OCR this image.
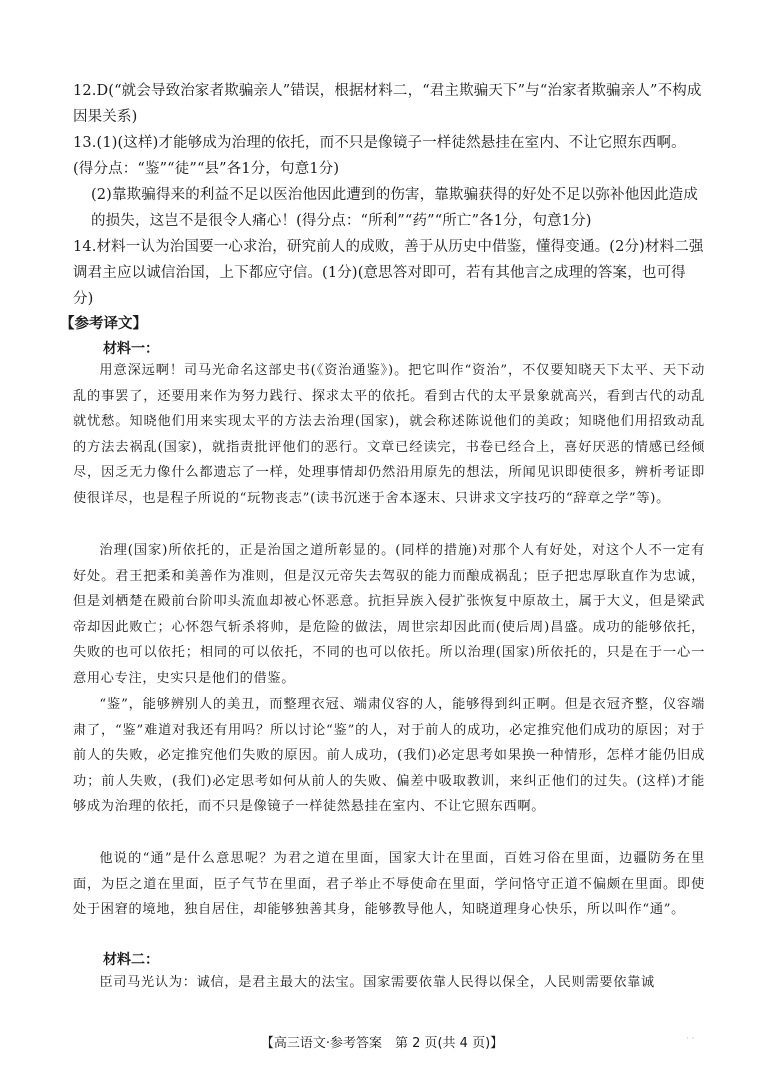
12.D(“就会导致治家者欺骗亲人”错误，根据材料二，“君主欺骗天下”与“治家者欺骗亲人”不构成因果关系)
13.(1)(这样)才能够成为治理的依托，而不只是像镜子一样徒然悬挂在室内、不让它照东西啊。(得分点：“鉴”“徒”“县”各1分，句意1分)
(2)靠欺骗得来的利益不足以医治他因此遭到的伤害，靠欺骗获得的好处不足以弥补他因此造成的损失，这岂不是很令人痛心！(得分点：“所利”“药”“所亡”各1分，句意1分)
14.材料一认为治国要一心求治，研究前人的成败，善于从历史中借鉴，懂得变通。(2分)材料二强调君主应以诚信治国，上下都应守信。(1分)(意思答对即可，若有其他言之成理的答案，也可得分)
【参考译文】
材料一：

用意深远啊！司马光命名这部史书(《资治通鉴》)。把它叫作“资治”，不仅要知晓天下太平、天下动乱的事罢了，还要用来作为努力践行、探求太平的依托。看到古代的太平景象就高兴，看到古代的动乱就忧愁。知晓他们用来实现太平的方法去治理(国家)，就会称述陈说他们的美政；知晓他们用招致动乱的方法去祸乱(国家)，就指责批评他们的恶行。文章已经读完，书卷已经合上，喜好厌恶的情感已经倾尽，因乏无力像什么都遗忘了一样，处理事情却仍然沿用原先的想法，所闻见识即使很多，辨析考证即使很详尽，也是程子所说的“玩物丧志”(读书沉迷于舍本逐末、只讲求文字技巧的“辞章之学”等)。

治理(国家)所依托的，正是治国之道所彰显的。(同样的措施)对那个人有好处，对这个人不一定有好处。君王把柔和美善作为准则，但是汉元帝失去驾驭的能力而酿成祸乱；臣子把忠厚耿直作为忠诚，但是刘栖楚在殿前台阶叩头流血却被心怀恶意。抗拒异族入侵扩张恢复中原故土，属于大义，但是梁武帝却因此败亡；心怀怨气斩杀将帅，是危险的做法，周世宗却因此而(使后周)昌盛。成功的能够依托，失败的也可以依托；相同的可以依托，不同的也可以依托。所以治理(国家)所依托的，只是在于一心一意用心专注，史实只是他们的借鉴。

“鉴”，能够辨别人的美丑，而整理衣冠、端肃仪容的人，能够得到纠正啊。但是衣冠齐整，仪容端肃了，“鉴”难道对我还有用吗？所以讨论“鉴”的人，对于前人的成功，必定推究他们成功的原因；对于前人的失败，必定推究他们失败的原因。前人成功，(我们)必定思考如果换一种情形，怎样才能仍旧成功；前人失败，(我们)必定思考如何从前人的失败、偏差中吸取教训，来纠正他们的过失。(这样)才能够成为治理的依托，而不只是像镜子一样徒然悬挂在室内、不让它照东西啊。

他说的“通”是什么意思呢？为君之道在里面，国家大计在里面，百姓习俗在里面，边疆防务在里面，为臣之道在里面，臣子气节在里面，君子举止不辱使命在里面，学问恪守正道不偏颇在里面。即使处于困窘的境地，独自居住，却能够独善其身，能够教导他人，知晓道理身心快乐，所以叫作“通”。

材料二：

臣司马光认为：诚信，是君主最大的法宝。国家需要依靠人民得以保全，人民则需要依靠诚

【高三语文·参考答案　第 2 页(共 4 页)】	· ·
